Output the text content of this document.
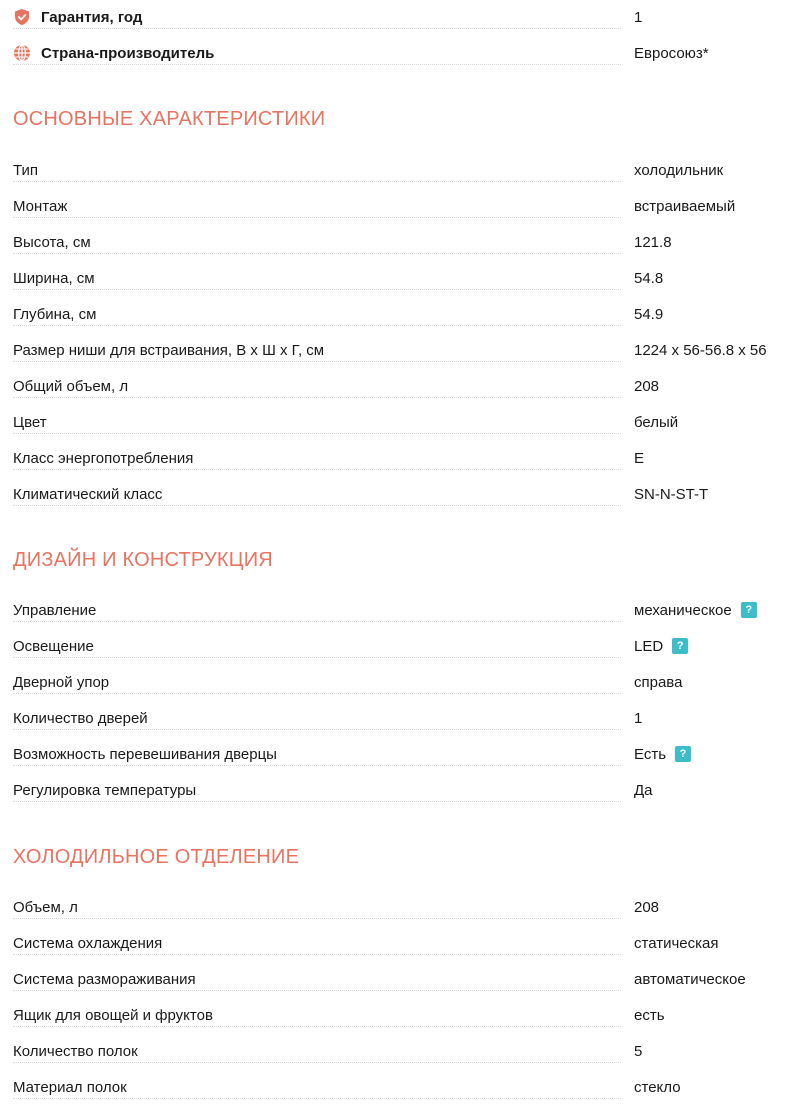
Гарантия, год	1
Страна-производитель	Евросоюз*
ОСНОВНЫЕ ХАРАКТЕРИСТИКИ
Тип	холодильник
Монтаж	встраиваемый
Высота, см	121.8
Ширина, см	54.8
Глубина, см	54.9
Размер ниши для встраивания, В x Ш x Г, см	1224 x 56-56.8 x 56
Общий объем, л	208
Цвет	белый
Класс энергопотребления	E
Климатический класс	SN-N-ST-T
ДИЗАЙН И КОНСТРУКЦИЯ
Управление	механическое	?
Освещение	LED	?
Дверной упор	справа
Количество дверей	1
Возможность перевешивания дверцы	Есть	?
Регулировка температуры	Да
ХОЛОДИЛЬНОЕ ОТДЕЛЕНИЕ
Объем, л	208
Система охлаждения	статическая
Система размораживания	автоматическое
Ящик для овощей и фруктов	есть
Количество полок	5
Материал полок	стекло
